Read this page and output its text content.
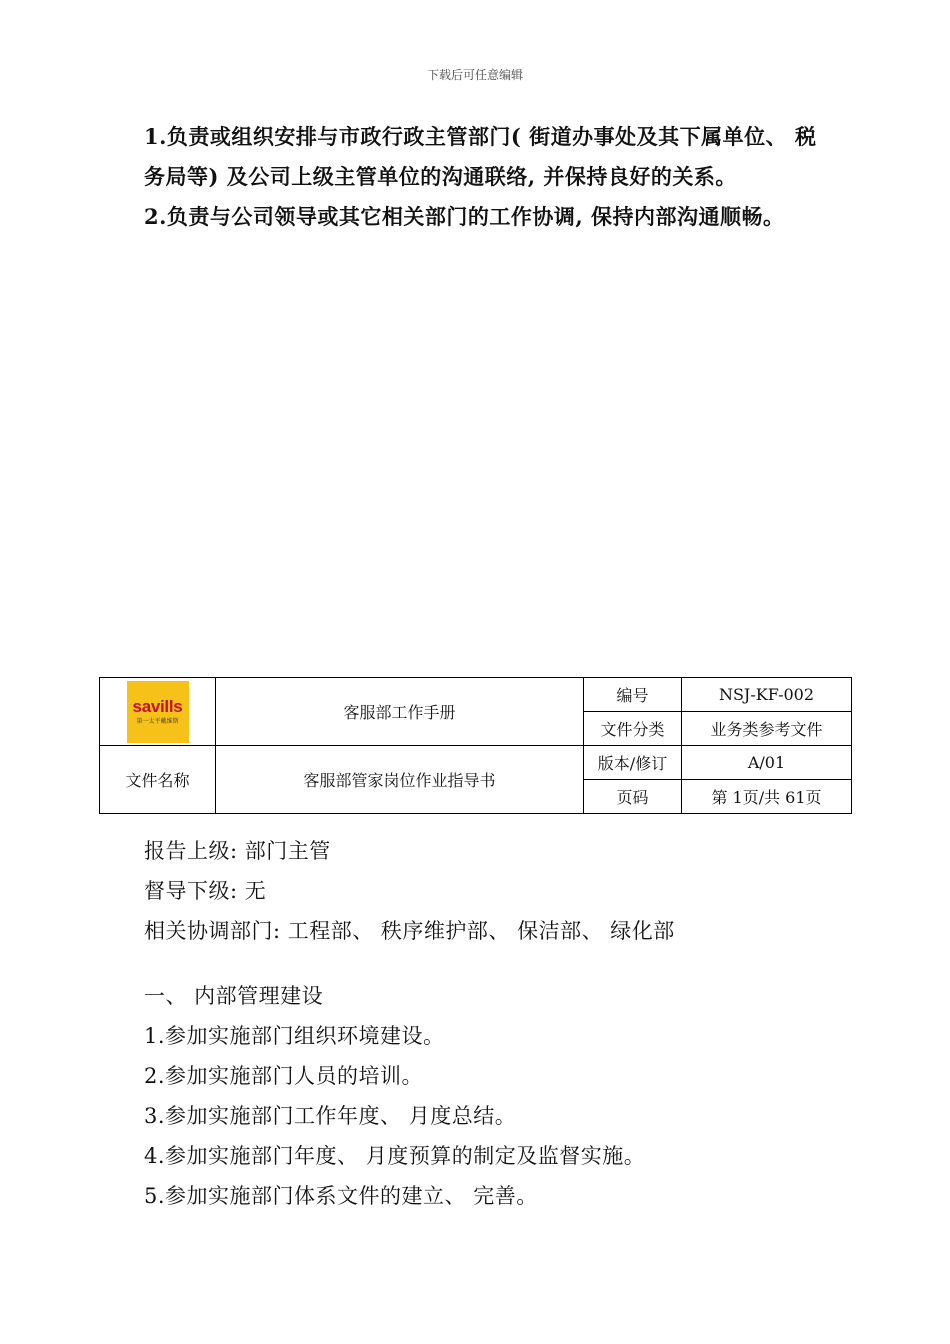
下载后可任意编辑

1.负责或组织安排与市政行政主管部门( 街道办事处及其下属单位、 税务局等) 及公司上级主管单位的沟通联络, 并保持良好的关系。

2.负责与公司领导或其它相关部门的工作协调, 保持内部沟通顺畅。

savills
第一太平戴维斯	客服部工作手册	编号	NSJ-KF-002
		文件分类	业务类参考文件
文件名称	客服部管家岗位作业指导书	版本/修订	A/01
		页码	第 1页/共 61页

报告上级: 部门主管

督导下级: 无

相关协调部门: 工程部、 秩序维护部、 保洁部、 绿化部

一、 内部管理建设

1.参加实施部门组织环境建设。

2.参加实施部门人员的培训。

3.参加实施部门工作年度、 月度总结。

4.参加实施部门年度、 月度预算的制定及监督实施。

5.参加实施部门体系文件的建立、 完善。
